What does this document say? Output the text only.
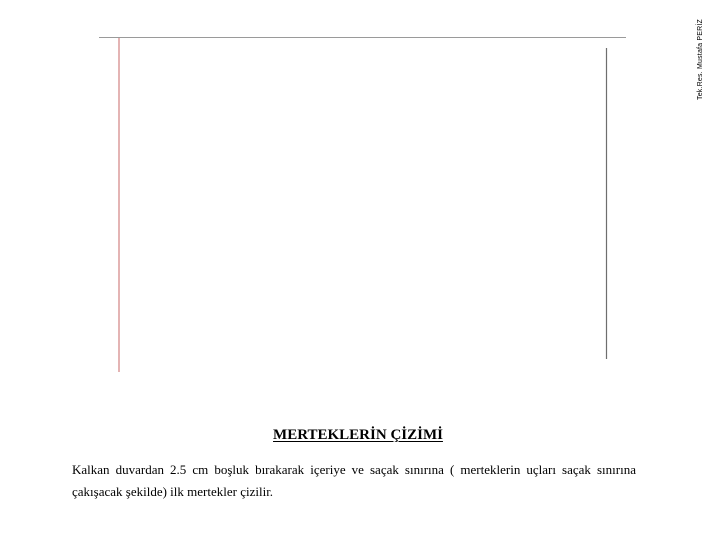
Tek.Res. Mustafa PERİZ
MERTEKLERİN ÇİZİMİ
Kalkan duvardan 2.5 cm boşluk bırakarak içeriye ve saçak sınırına ( merteklerin uçları saçak sınırına çakışacak şekilde) ilk mertekler çizilir.
